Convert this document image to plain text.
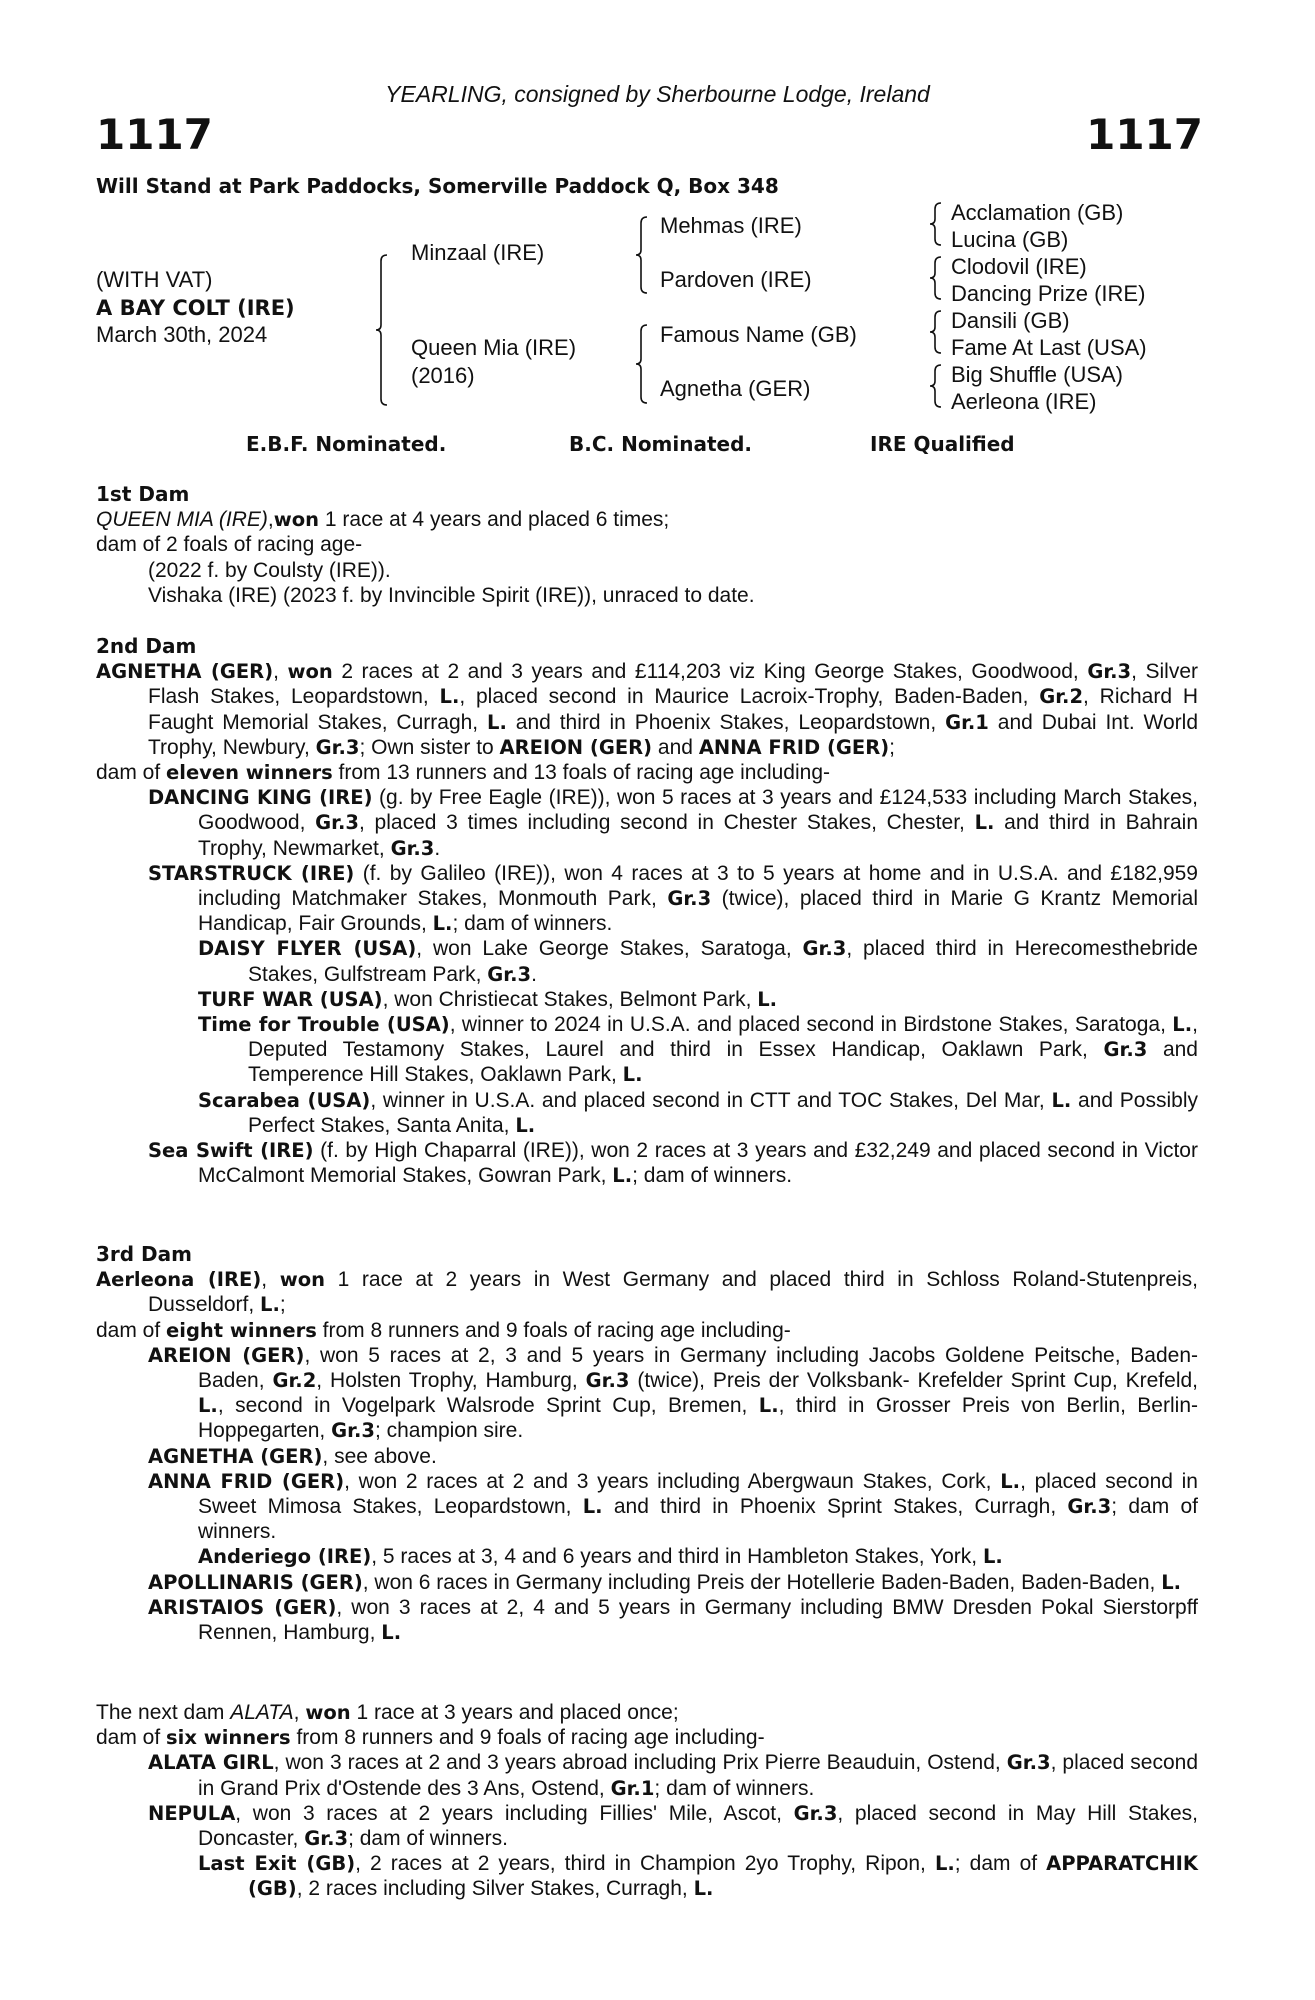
YEARLING, consigned by Sherbourne Lodge, Ireland
1117	1117
Will Stand at Park Paddocks, Somerville Paddock Q, Box 348
(WITH VAT)
A BAY COLT (IRE)
March 30th, 2024
Minzaal (IRE)
Queen Mia (IRE)
(2016)
Mehmas (IRE)
Pardoven (IRE)
Famous Name (GB)
Agnetha (GER)
Acclamation (GB)
Lucina (GB)
Clodovil (IRE)
Dancing Prize (IRE)
Dansili (GB)
Fame At Last (USA)
Big Shuffle (USA)
Aerleona (IRE)
E.B.F. Nominated.	B.C. Nominated.	IRE Qualified
1st Dam
QUEEN MIA (IRE),won 1 race at 4 years and placed 6 times;
dam of 2 foals of racing age-
(2022 f. by Coulsty (IRE)).
Vishaka (IRE) (2023 f. by Invincible Spirit (IRE)), unraced to date.
2nd Dam
AGNETHA (GER), won 2 races at 2 and 3 years and £114,203 viz King George Stakes, Goodwood, Gr.3, Silver Flash Stakes, Leopardstown, L., placed second in Maurice Lacroix-Trophy, Baden-Baden, Gr.2, Richard H Faught Memorial Stakes, Curragh, L. and third in Phoenix Stakes, Leopardstown, Gr.1 and Dubai Int. World Trophy, Newbury, Gr.3; Own sister to AREION (GER) and ANNA FRID (GER);
dam of eleven winners from 13 runners and 13 foals of racing age including-
DANCING KING (IRE) (g. by Free Eagle (IRE)), won 5 races at 3 years and £124,533 including March Stakes, Goodwood, Gr.3, placed 3 times including second in Chester Stakes, Chester, L. and third in Bahrain Trophy, Newmarket, Gr.3.
STARSTRUCK (IRE) (f. by Galileo (IRE)), won 4 races at 3 to 5 years at home and in U.S.A. and £182,959 including Matchmaker Stakes, Monmouth Park, Gr.3 (twice), placed third in Marie G Krantz Memorial Handicap, Fair Grounds, L.; dam of winners.
DAISY FLYER (USA), won Lake George Stakes, Saratoga, Gr.3, placed third in Herecomesthebride Stakes, Gulfstream Park, Gr.3.
TURF WAR (USA), won Christiecat Stakes, Belmont Park, L.
Time for Trouble (USA), winner to 2024 in U.S.A. and placed second in Birdstone Stakes, Saratoga, L., Deputed Testamony Stakes, Laurel and third in Essex Handicap, Oaklawn Park, Gr.3 and Temperence Hill Stakes, Oaklawn Park, L.
Scarabea (USA), winner in U.S.A. and placed second in CTT and TOC Stakes, Del Mar, L. and Possibly Perfect Stakes, Santa Anita, L.
Sea Swift (IRE) (f. by High Chaparral (IRE)), won 2 races at 3 years and £32,249 and placed second in Victor McCalmont Memorial Stakes, Gowran Park, L.; dam of winners.
3rd Dam
Aerleona (IRE), won 1 race at 2 years in West Germany and placed third in Schloss Roland-Stutenpreis, Dusseldorf, L.;
dam of eight winners from 8 runners and 9 foals of racing age including-
AREION (GER), won 5 races at 2, 3 and 5 years in Germany including Jacobs Goldene Peitsche, Baden-Baden, Gr.2, Holsten Trophy, Hamburg, Gr.3 (twice), Preis der Volksbank- Krefelder Sprint Cup, Krefeld, L., second in Vogelpark Walsrode Sprint Cup, Bremen, L., third in Grosser Preis von Berlin, Berlin-Hoppegarten, Gr.3; champion sire.
AGNETHA (GER), see above.
ANNA FRID (GER), won 2 races at 2 and 3 years including Abergwaun Stakes, Cork, L., placed second in Sweet Mimosa Stakes, Leopardstown, L. and third in Phoenix Sprint Stakes, Curragh, Gr.3; dam of winners.
Anderiego (IRE), 5 races at 3, 4 and 6 years and third in Hambleton Stakes, York, L.
APOLLINARIS (GER), won 6 races in Germany including Preis der Hotellerie Baden-Baden, Baden-Baden, L.
ARISTAIOS (GER), won 3 races at 2, 4 and 5 years in Germany including BMW Dresden Pokal Sierstorpff Rennen, Hamburg, L.
The next dam ALATA, won 1 race at 3 years and placed once;
dam of six winners from 8 runners and 9 foals of racing age including-
ALATA GIRL, won 3 races at 2 and 3 years abroad including Prix Pierre Beauduin, Ostend, Gr.3, placed second in Grand Prix d'Ostende des 3 Ans, Ostend, Gr.1; dam of winners.
NEPULA, won 3 races at 2 years including Fillies' Mile, Ascot, Gr.3, placed second in May Hill Stakes, Doncaster, Gr.3; dam of winners.
Last Exit (GB), 2 races at 2 years, third in Champion 2yo Trophy, Ripon, L.; dam of APPARATCHIK (GB), 2 races including Silver Stakes, Curragh, L.
